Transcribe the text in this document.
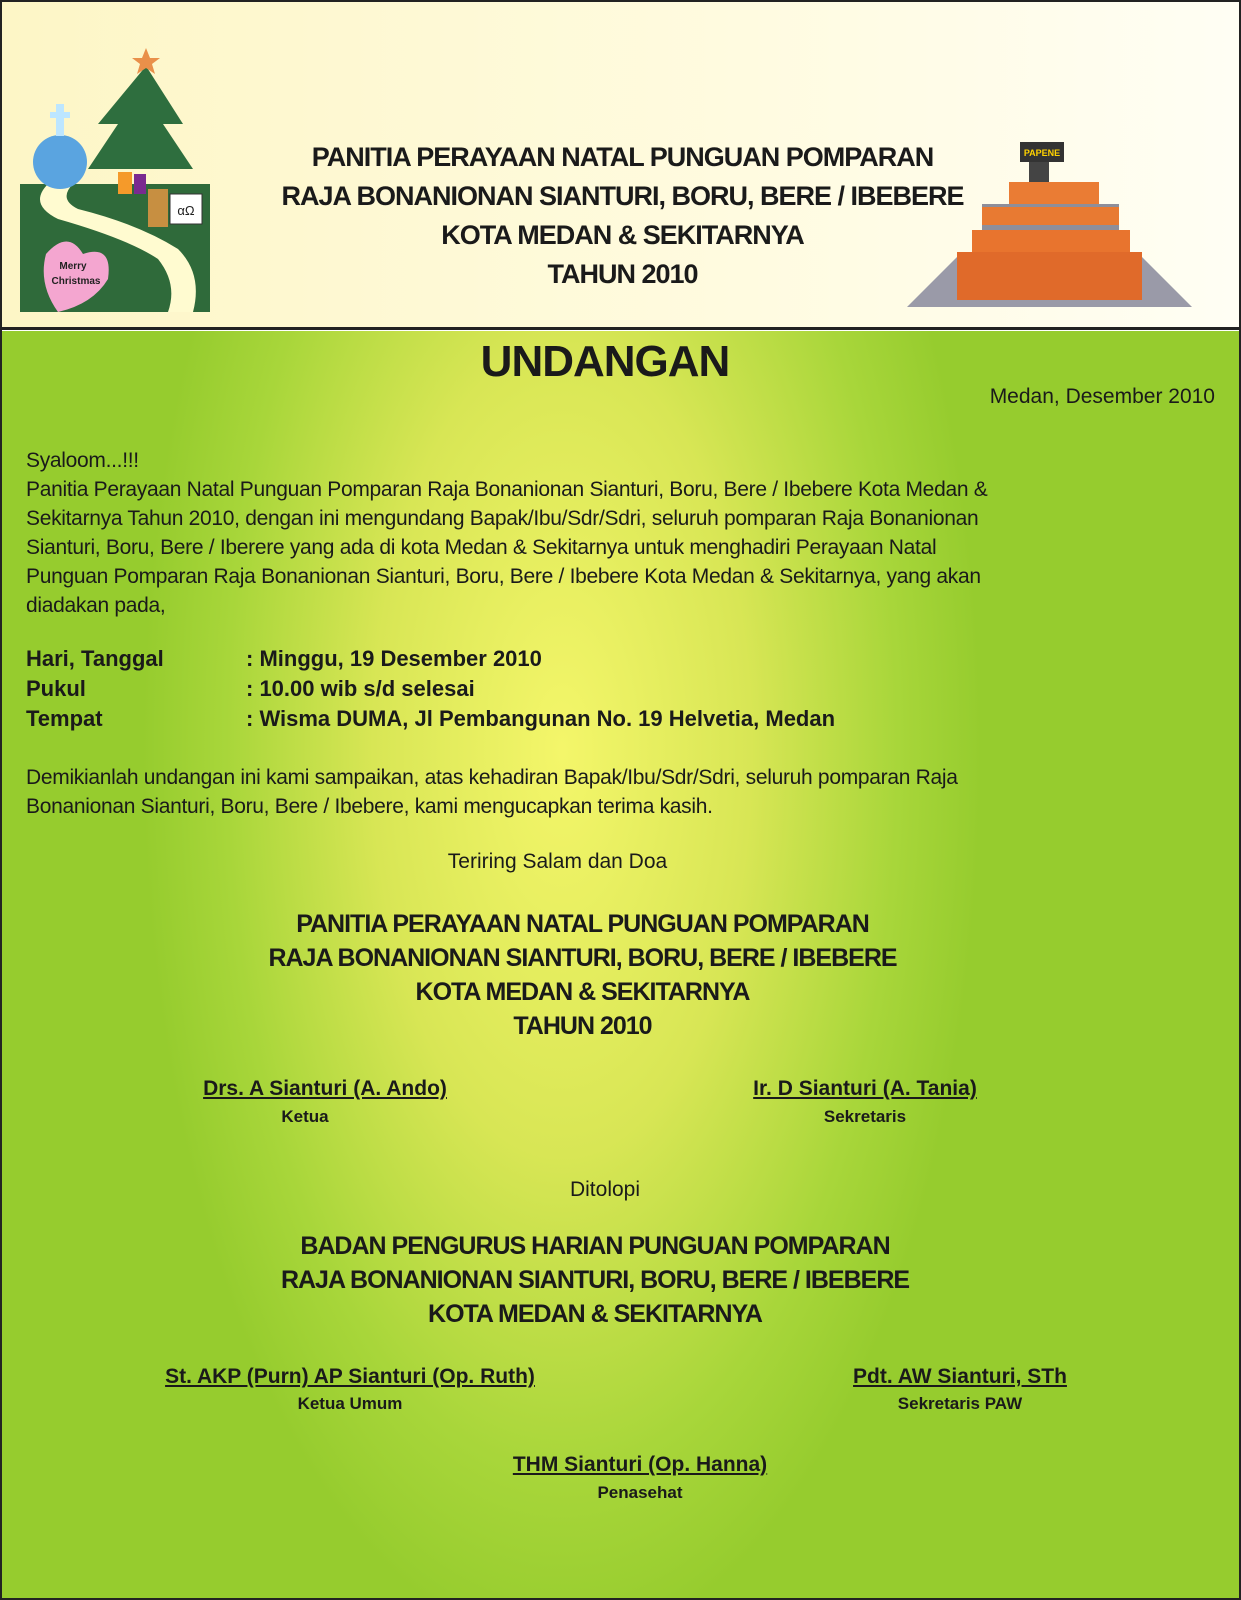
αΩ
Merry
Christmas
PAPENE
PANITIA PERAYAAN NATAL PUNGUAN POMPARAN
RAJA BONANIONAN SIANTURI, BORU, BERE / IBEBERE
KOTA MEDAN & SEKITARNYA
TAHUN 2010
UNDANGAN
Medan, Desember 2010
Syaloom...!!!
Panitia Perayaan Natal Punguan Pomparan Raja Bonanionan Sianturi, Boru, Bere / Ibebere Kota Medan &
Sekitarnya Tahun 2010, dengan ini mengundang Bapak/Ibu/Sdr/Sdri, seluruh pomparan Raja Bonanionan
Sianturi, Boru, Bere / Iberere yang ada di kota Medan & Sekitarnya untuk menghadiri Perayaan Natal
Punguan Pomparan Raja Bonanionan Sianturi, Boru, Bere / Ibebere Kota Medan & Sekitarnya, yang akan
diadakan pada,
Hari, Tanggal	: Minggu, 19 Desember 2010
Pukul	: 10.00 wib s/d selesai
Tempat	: Wisma DUMA, Jl Pembangunan No. 19 Helvetia, Medan
Demikianlah undangan ini kami sampaikan, atas kehadiran Bapak/Ibu/Sdr/Sdri, seluruh pomparan Raja
Bonanionan Sianturi, Boru, Bere / Ibebere, kami mengucapkan terima kasih.
Teriring Salam dan Doa
PANITIA PERAYAAN NATAL PUNGUAN POMPARAN
RAJA BONANIONAN SIANTURI, BORU, BERE / IBEBERE
KOTA MEDAN & SEKITARNYA
TAHUN 2010
Drs. A Sianturi (A. Ando)
Ketua
Ir. D Sianturi (A. Tania)
Sekretaris
Ditolopi
BADAN PENGURUS HARIAN PUNGUAN POMPARAN
RAJA BONANIONAN SIANTURI, BORU, BERE / IBEBERE
KOTA MEDAN & SEKITARNYA
St. AKP (Purn) AP Sianturi (Op. Ruth)
Ketua Umum
Pdt. AW Sianturi, STh
Sekretaris PAW
THM Sianturi (Op. Hanna)
Penasehat
